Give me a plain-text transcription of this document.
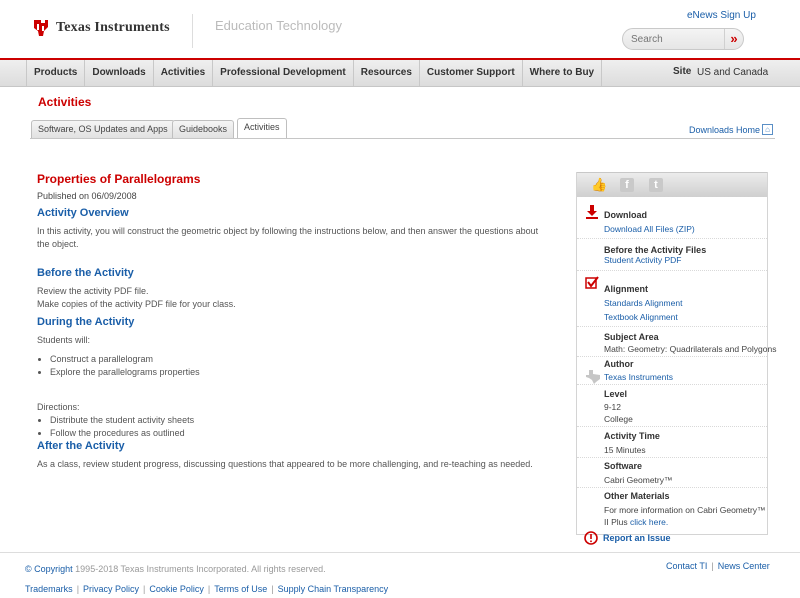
Texas Instruments	Education Technology
eNews Sign Up
Search
»
Products	Downloads	Activities	Professional Development	Resources	Customer Support	Where to Buy	Site US and Canada
Activities
Software, OS Updates and Apps	Guidebooks	Activities	Downloads Home ⌂
Properties of Parallelograms
Published on 06/09/2008
Activity Overview
In this activity, you will construct the geometric object by following the instructions below, and then answer the questions about the object.
Before the Activity
Review the activity PDF file.
Make copies of the activity PDF file for your class.
During the Activity
Students will:
• Construct a parallelogram
• Explore the parallelograms properties
Directions:
• Distribute the student activity sheets
• Follow the procedures as outlined
After the Activity
As a class, review student progress, discussing questions that appeared to be more challenging, and re-teaching as needed.
👍	f	t
Download
Download All Files (ZIP)
Before the Activity Files
Student Activity PDF
Alignment
Standards Alignment
Textbook Alignment
Subject Area
Math: Geometry: Quadrilaterals and Polygons
Author
Texas Instruments
Level
9-12
College
Activity Time
15 Minutes
Software
Cabri Geometry™
Other Materials
For more information on Cabri Geometry™
II Plus click here.
Report an Issue
© Copyright 1995-2018 Texas Instruments Incorporated. All rights reserved.	Contact TI | News Center
Trademarks | Privacy Policy | Cookie Policy | Terms of Use | Supply Chain Transparency
